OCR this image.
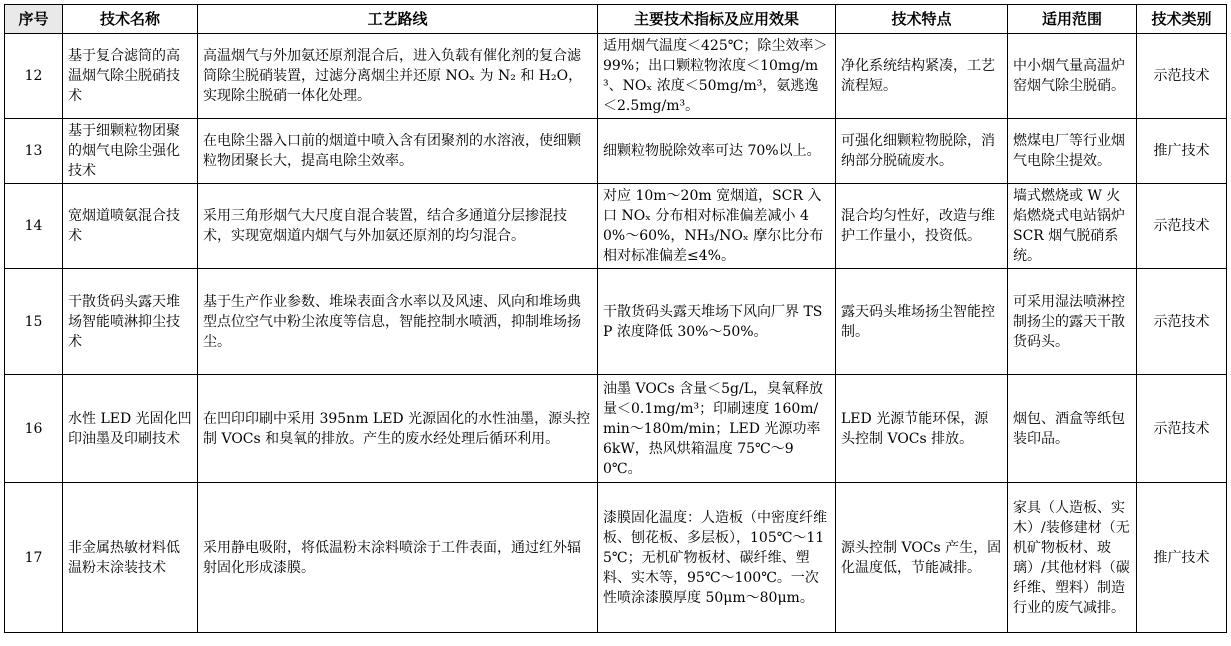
序号	技术名称	工艺路线	主要技术指标及应用效果	技术特点	适用范围	技术类别
12	基于复合滤筒的高温烟气除尘脱硝技术	高温烟气与外加氨还原剂混合后，进入负载有催化剂的复合滤筒除尘脱硝装置，过滤分离烟尘并还原 NOₓ 为 N₂ 和 H₂O，实现除尘脱硝一体化处理。	适用烟气温度＜425℃；除尘效率＞99%；出口颗粒物浓度＜10mg/m³、NOₓ 浓度＜50mg/m³，氨逃逸＜2.5mg/m³。	净化系统结构紧凑，工艺流程短。	中小烟气量高温炉窑烟气除尘脱硝。	示范技术
13	基于细颗粒物团聚的烟气电除尘强化技术	在电除尘器入口前的烟道中喷入含有团聚剂的水溶液，使细颗粒物团聚长大，提高电除尘效率。	细颗粒物脱除效率可达 70%以上。	可强化细颗粒物脱除，消纳部分脱硫废水。	燃煤电厂等行业烟气电除尘提效。	推广技术
14	宽烟道喷氨混合技术	采用三角形烟气大尺度自混合装置，结合多通道分层掺混技术，实现宽烟道内烟气与外加氨还原剂的均匀混合。	对应 10m～20m 宽烟道，SCR 入口 NOₓ 分布相对标准偏差减小 40%～60%，NH₃/NOₓ 摩尔比分布相对标准偏差≤4%。	混合均匀性好，改造与维护工作量小，投资低。	墙式燃烧或 W 火焰燃烧式电站锅炉 SCR 烟气脱硝系统。	示范技术
15	干散货码头露天堆场智能喷淋抑尘技术	基于生产作业参数、堆垛表面含水率以及风速、风向和堆场典型点位空气中粉尘浓度等信息，智能控制水喷洒，抑制堆场扬尘。	干散货码头露天堆场下风向厂界 TSP 浓度降低 30%～50%。	露天码头堆场扬尘智能控制。	可采用湿法喷淋控制扬尘的露天干散货码头。	示范技术
16	水性 LED 光固化凹印油墨及印刷技术	在凹印印刷中采用 395nm LED 光源固化的水性油墨，源头控制 VOCs 和臭氧的排放。产生的废水经处理后循环利用。	油墨 VOCs 含量＜5g/L，臭氧释放量＜0.1mg/m³；印刷速度 160m/min～180m/min；LED 光源功率 6kW，热风烘箱温度 75℃～90℃。	LED 光源节能环保，源头控制 VOCs 排放。	烟包、酒盒等纸包装印品。	示范技术
17	非金属热敏材料低温粉末涂装技术	采用静电吸附，将低温粉末涂料喷涂于工件表面，通过红外辐射固化形成漆膜。	漆膜固化温度：人造板（中密度纤维板、刨花板、多层板），105℃～115℃；无机矿物板材、碳纤维、塑料、实木等，95℃～100℃。一次性喷涂漆膜厚度 50μm～80μm。	源头控制 VOCs 产生，固化温度低，节能减排。	家具（人造板、实木）/装修建材（无机矿物板材、玻璃）/其他材料（碳纤维、塑料）制造行业的废气减排。	推广技术
